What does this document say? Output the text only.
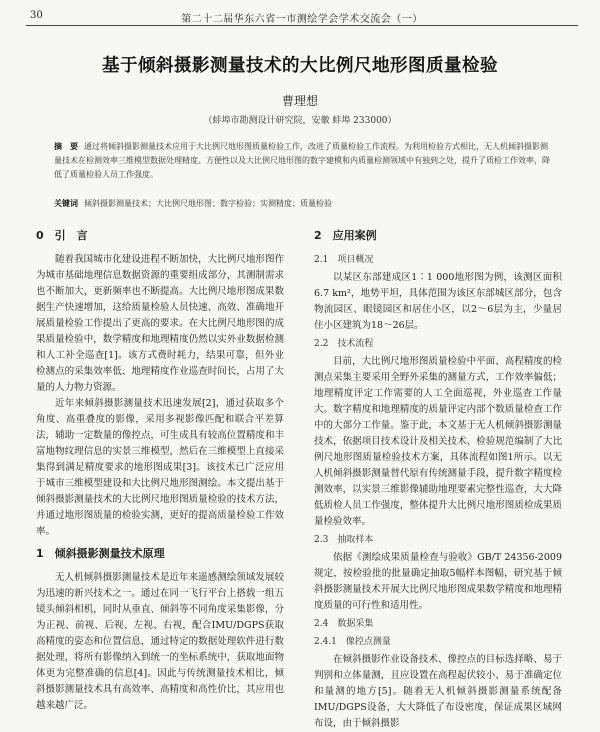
30	第二十二届华东六省一市测绘学会学术交流会（一）
基于倾斜摄影测量技术的大比例尺地形图质量检验
曹理想
（蚌埠市勘测设计研究院，安徽 蚌埠 233000）
摘　要 通过将倾斜摄影测量技术应用于大比例尺地形图质量检验工作，改进了质量检验工作流程。为利用检验方式相比，无人机倾斜摄影测量技术在检测效率三维模型数据处理精度、方便性以及大比例尺地形图的数字建模和内质量检测领域中有独到之处，提升了质检工作效率，降低了质量检验人员工作强度。
关键词 倾斜摄影测量技术；大比例尺地形图；数字检验；实测精度；质量检验
0　引　言

随着我国城市化建设进程不断加快，大比例尺地形图作为城市基础地理信息数据资源的重要组成部分，其测制需求也不断加大，更新频率也不断提高。大比例尺地形图成果数据生产快速增加，这给质量检验人员快速、高效、准确地开展质量检验工作提出了更高的要求。在大比例尺地形图的成果质量检验中，数学精度和地理精度仍然以实外业数据检测和人工补全巡查[1]。该方式费时耗力，结果可靠，但外业检测点的采集效率低、地理精度作业巡查时间长，占用了大量的人力物力资源。

近年来倾斜摄影测量技术迅速发展[2]，通过获取多个角度、高重叠度的影像，采用多视影像匹配和联合平差算法，辅助一定数量的像控点，可生成具有较高位置精度和丰富地物纹理信息的实景三维模型，然后在三维模型上直接采集得到满足精度要求的地形图成果[3]。该技术已广泛应用于城市三维模型建设和大比例尺地形图测绘。本文提出基于倾斜摄影测量技术的大比例尺地形图质量检验的技术方法，并通过地形图质量的检验实测，更好的提高质量检验工作效率。

1　倾斜摄影测量技术原理

无人机倾斜摄影测量技术是近年来遥感测绘领域发展较为迅速的新兴技术之一。通过在同一飞行平台上搭载一组五镜头倾斜相机，同时从垂直、倾斜等不同角度采集影像，分为正视、前视、后视、左视、右视，配合IMU/DGPS获取高精度的姿态和位置信息，通过特定的数据处理软件进行数据处理，将所有影像纳入到统一的坐标系统中，获取地面物体更为完整准确的信息[4]。因此与传统测量技术相比，倾斜摄影测量技术具有高效率、高精度和高性价比，其应用也越来越广泛。

2　应用案例
2.1　项目概况

以某区东部建成区1∶1 000地形图为例，该测区面积6.7 km²，地势平坦，具体范围为该区东部城区部分，包含物流园区、眼镜园区和居住小区，以2～6层为主，少量居住小区建筑为18～26层。

2.2　技术流程

目前，大比例尺地形图质量检验中平面、高程精度的检测点采集主要采用全野外采集的测量方式，工作效率偏低；地理精度评定工作需要的人工全面巡视，外业巡查工作量大。数字精度和地理精度的质量评定内部个数质量检查工作中的大部分工作量。鉴于此，本文基于无人机倾斜摄影测量技术，依据项目技术设计及相关技术、检验规范编制了大比例尺地形图质量检验技术方案，具体流程如图1所示。以无人机倾斜摄影测量替代原有传统测量手段，提升数字精度检测效率，以实景三维影像辅助地理要素完整性巡查，大大降低质检人员工作强度，整体提升大比例尺地形图质检成果质量检验效率。

2.3　抽取样本

依据《测绘成果质量检查与验收》GB/T 24356-2009规定，按检验批的批量确定抽取5幅样本图幅，研究基于倾斜摄影测量技术开展大比例尺地形图成果数学精度和地理精度质量的可行性和适用性。

2.4　数据采集
2.4.1　像控点测量

在倾斜摄影作业设备技术、像控点的目标选择略、易于判别和立体量测，且应设置在高程起伏较小、易于准确定位和量测的地方[5]。随着无人机倾斜摄影测量系统配备IMU/DGPS设备，大大降低了布设密度，保证成果区域网布设，由于倾斜摄影
